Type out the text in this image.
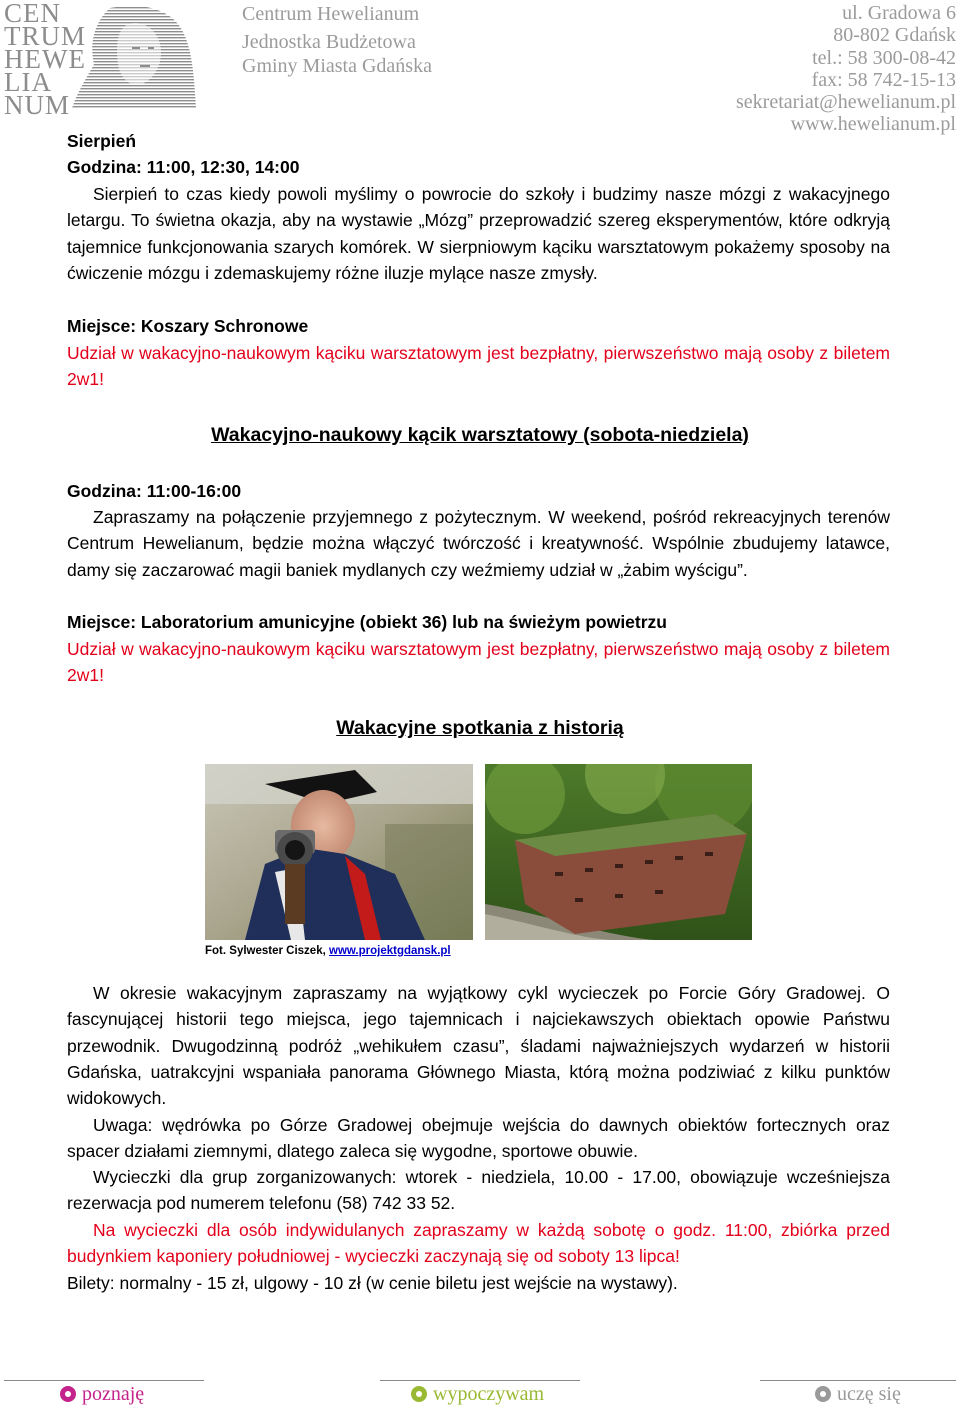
CEN
TRUM
HEWE
LIA
NUM
Centrum Hewelianum
Jednostka Budżetowa
Gminy Miasta Gdańska
ul. Gradowa 6
80-802 Gdańsk
tel.: 58 300-08-42
fax: 58 742-15-13
sekretariat@hewelianum.pl
www.hewelianum.pl
Sierpień
Godzina: 11:00, 12:30, 14:00
Sierpień to czas kiedy powoli myślimy o powrocie do szkoły i budzimy nasze mózgi z wakacyjnego letargu. To świetna okazja, aby na wystawie „Mózg” przeprowadzić szereg eksperymentów, które odkryją tajemnice funkcjonowania szarych komórek. W sierpniowym kąciku warsztatowym pokażemy sposoby na ćwiczenie mózgu i zdemaskujemy różne iluzje mylące nasze zmysły.
Miejsce: Koszary Schronowe
Udział w wakacyjno-naukowym kąciku warsztatowym jest bezpłatny, pierwszeństwo mają osoby z biletem 2w1!
Wakacyjno-naukowy kącik warsztatowy (sobota-niedziela)
Godzina: 11:00-16:00
Zapraszamy na połączenie przyjemnego z pożytecznym. W weekend, pośród rekreacyjnych terenów Centrum Hewelianum, będzie można włączyć twórczość i kreatywność. Wspólnie zbudujemy latawce, damy się zaczarować magii baniek mydlanych czy weźmiemy udział w „żabim wyścigu”.
Miejsce: Laboratorium amunicyjne (obiekt 36) lub na świeżym powietrzu
Udział w wakacyjno-naukowym kąciku warsztatowym jest bezpłatny, pierwszeństwo mają osoby z biletem 2w1!
Wakacyjne spotkania z historią
Fot. Sylwester Ciszek, www.projektgdansk.pl
W okresie wakacyjnym zapraszamy na wyjątkowy cykl wycieczek po Forcie Góry Gradowej. O fascynującej historii tego miejsca, jego tajemnicach i najciekawszych obiektach opowie Państwu przewodnik. Dwugodzinną podróż „wehikułem czasu”, śladami najważniejszych wydarzeń w historii Gdańska, uatrakcyjni wspaniała panorama Głównego Miasta, którą można podziwiać z kilku punktów widokowych.
Uwaga: wędrówka po Górze Gradowej obejmuje wejścia do dawnych obiektów fortecznych oraz spacer działami ziemnymi, dlatego zaleca się wygodne, sportowe obuwie.
Wycieczki dla grup zorganizowanych: wtorek - niedziela, 10.00 - 17.00, obowiązuje wcześniejsza rezerwacja pod numerem telefonu (58) 742 33 52.
Na wycieczki dla osób indywidulanych zapraszamy w każdą sobotę o godz. 11:00, zbiórka przed budynkiem kaponiery południowej - wycieczki zaczynają się od soboty 13 lipca!
Bilety: normalny - 15 zł, ulgowy - 10 zł (w cenie biletu jest wejście na wystawy).
poznaję	wypoczywam	uczę się
